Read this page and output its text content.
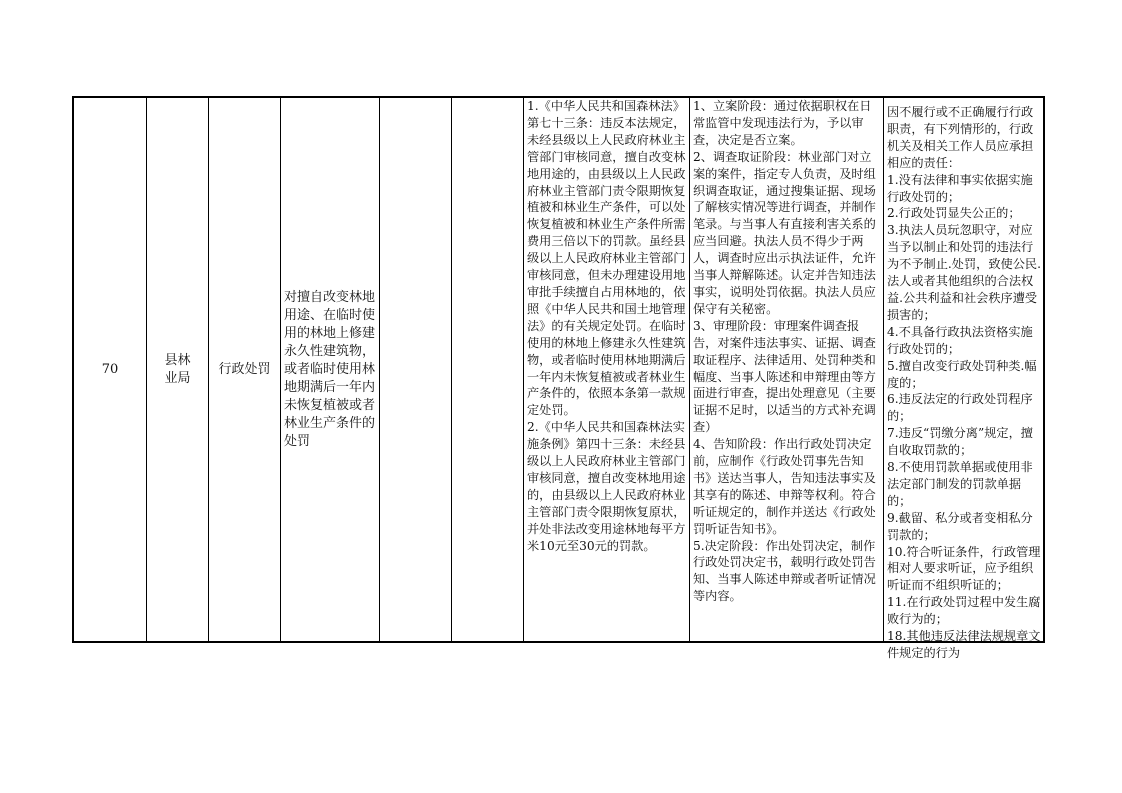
70
县林业局
行政处罚
对擅自改变林地用途、在临时使用的林地上修建永久性建筑物，或者临时使用林地期满后一年内未恢复植被或者林业生产条件的处罚
1.《中华人民共和国森林法》第七十三条：违反本法规定，未经县级以上人民政府林业主管部门审核同意，擅自改变林地用途的，由县级以上人民政府林业主管部门责令限期恢复植被和林业生产条件，可以处恢复植被和林业生产条件所需费用三倍以下的罚款。虽经县级以上人民政府林业主管部门审核同意，但未办理建设用地审批手续擅自占用林地的，依照《中华人民共和国土地管理法》的有关规定处罚。在临时使用的林地上修建永久性建筑物，或者临时使用林地期满后一年内未恢复植被或者林业生产条件的，依照本条第一款规定处罚。
2.《中华人民共和国森林法实施条例》第四十三条：未经县级以上人民政府林业主管部门审核同意，擅自改变林地用途的，由县级以上人民政府林业主管部门责令限期恢复原状，并处非法改变用途林地每平方米10元至30元的罚款。
1、立案阶段：通过依据职权在日常监管中发现违法行为，予以审查，决定是否立案。
2、调查取证阶段：林业部门对立案的案件，指定专人负责，及时组织调查取证，通过搜集证据、现场了解核实情况等进行调查，并制作笔录。与当事人有直接利害关系的应当回避。执法人员不得少于两人，调查时应出示执法证件，允许当事人辩解陈述。认定并告知违法事实，说明处罚依据。执法人员应保守有关秘密。
3、审理阶段：审理案件调查报告，对案件违法事实、证据、调查取证程序、法律适用、处罚种类和幅度、当事人陈述和申辩理由等方面进行审查，提出处理意见（主要证据不足时，以适当的方式补充调查）
4、告知阶段：作出行政处罚决定前，应制作《行政处罚事先告知书》送达当事人，告知违法事实及其享有的陈述、申辩等权利。符合听证规定的，制作并送达《行政处罚听证告知书》。
5.决定阶段：作出处罚决定，制作行政处罚决定书，载明行政处罚告知、当事人陈述申辩或者听证情况等内容。
因不履行或不正确履行行政职责，有下列情形的，行政机关及相关工作人员应承担相应的责任：
1.没有法律和事实依据实施行政处罚的；
2.行政处罚显失公正的；
3.执法人员玩忽职守，对应当予以制止和处罚的违法行为不予制止.处罚，致使公民.法人或者其他组织的合法权益.公共利益和社会秩序遭受损害的；
4.不具备行政执法资格实施行政处罚的；
5.擅自改变行政处罚种类.幅度的；
6.违反法定的行政处罚程序的；
7.违反“罚缴分离”规定，擅自收取罚款的；
8.不使用罚款单据或使用非法定部门制发的罚款单据的；
9.截留、私分或者变相私分罚款的；
10.符合听证条件，行政管理相对人要求听证，应予组织听证而不组织听证的；
11.在行政处罚过程中发生腐败行为的；
18.其他违反法律法规规章文件规定的行为
